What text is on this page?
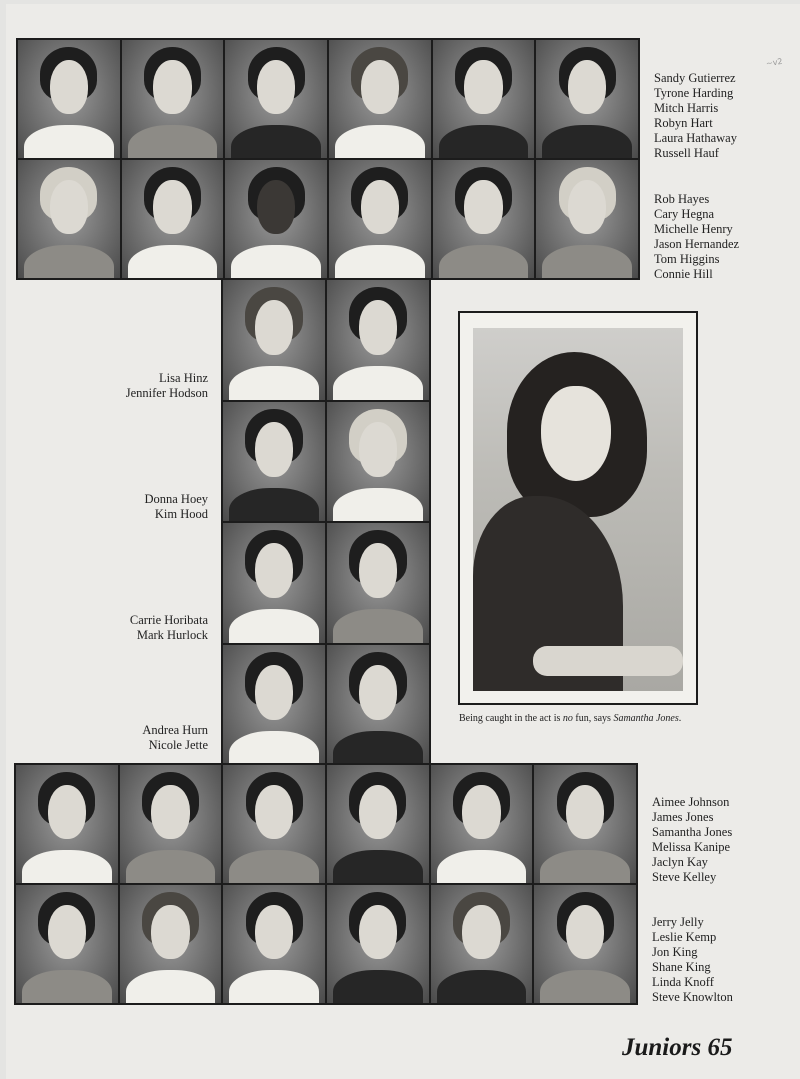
Sandy Gutierrez
Tyrone Harding
Mitch Harris
Robyn Hart
Laura Hathaway
Russell Hauf
Rob Hayes
Cary Hegna
Michelle Henry
Jason Hernandez
Tom Higgins
Connie Hill
Lisa Hinz
Jennifer Hodson
Donna Hoey
Kim Hood
Carrie Horibata
Mark Hurlock
Andrea Hurn
Nicole Jette
Being caught in the act is no fun, says Samantha Jones.
Aimee Johnson
James Jones
Samantha Jones
Melissa Kanipe
Jaclyn Kay
Steve Kelley
Jerry Jelly
Leslie Kemp
Jon King
Shane King
Linda Knoff
Steve Knowlton
Juniors 65
~v2
